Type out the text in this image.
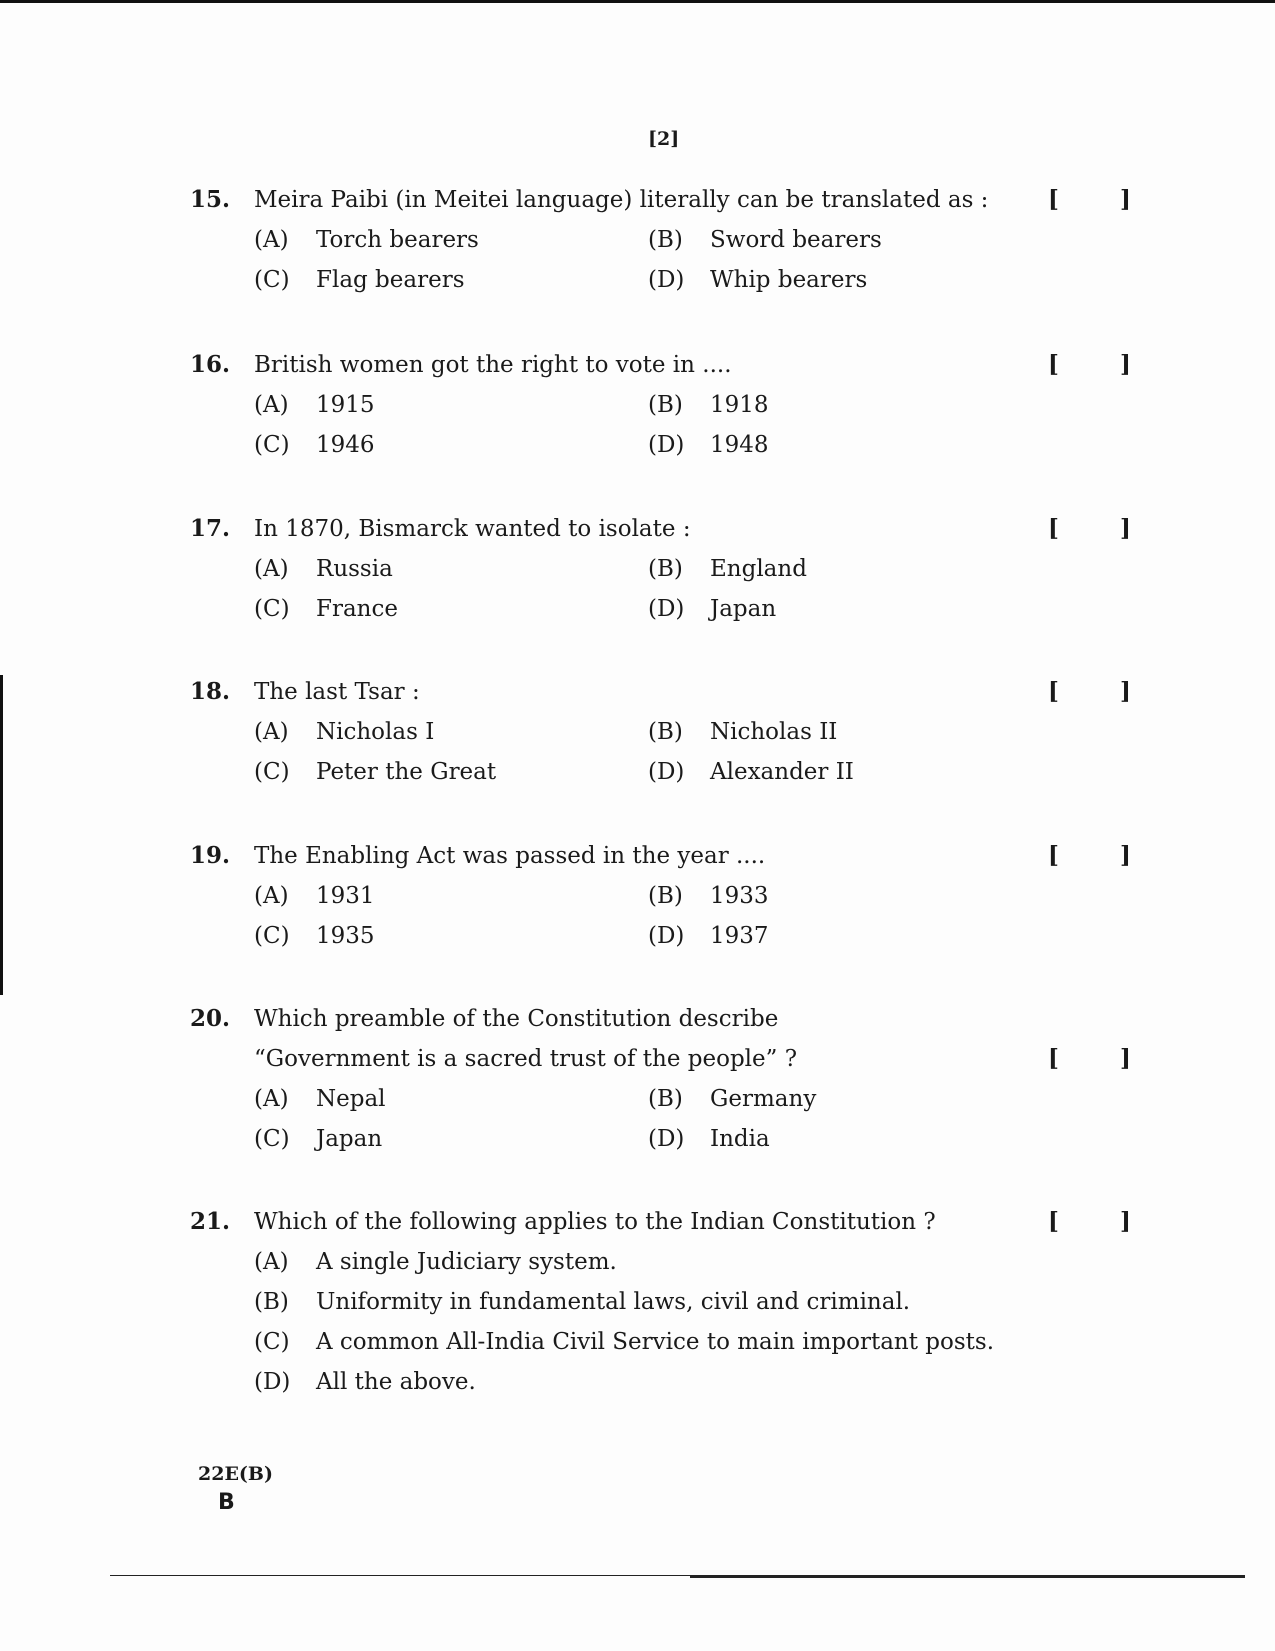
[2]
15. Meira Paibi (in Meitei language) literally can be translated as :	[	]
(A) Torch bearers	(B) Sword bearers
(C) Flag bearers	(D) Whip bearers
16. British women got the right to vote in ....	[	]
(A) 1915	(B) 1918
(C) 1946	(D) 1948
17. In 1870, Bismarck wanted to isolate :	[	]
(A) Russia	(B) England
(C) France	(D) Japan
18. The last Tsar :	[	]
(A) Nicholas I	(B) Nicholas II
(C) Peter the Great	(D) Alexander II
19. The Enabling Act was passed in the year ....	[	]
(A) 1931	(B) 1933
(C) 1935	(D) 1937
20. Which preamble of the Constitution describe
“Government is a sacred trust of the people” ?	[	]
(A) Nepal	(B) Germany
(C) Japan	(D) India
21. Which of the following applies to the Indian Constitution ?	[	]
(A) A single Judiciary system.
(B) Uniformity in fundamental laws, civil and criminal.
(C) A common All-India Civil Service to main important posts.
(D) All the above.
22E(B)
B
